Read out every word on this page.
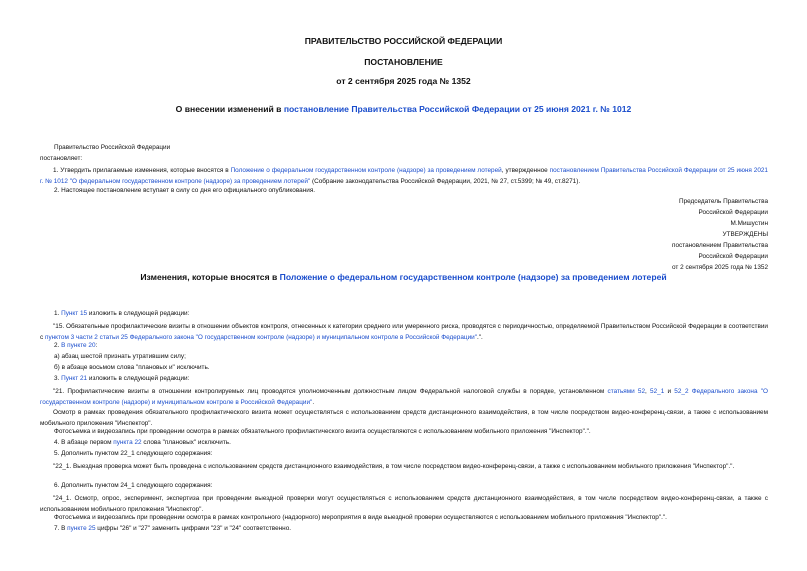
ПРАВИТЕЛЬСТВО РОССИЙСКОЙ ФЕДЕРАЦИИ
ПОСТАНОВЛЕНИЕ
от 2 сентября 2025 года № 1352
О внесении изменений в постановление Правительства Российской Федерации от 25 июня 2021 г. № 1012
Правительство Российской Федерации
постановляет:
1. Утвердить прилагаемые изменения, которые вносятся в Положение о федеральном государственном контроле (надзоре) за проведением лотерей, утвержденное постановлением Правительства Российской Федерации от 25 июня 2021 г. № 1012 "О федеральном государственном контроле (надзоре) за проведением лотерей" (Собрание законодательства Российской Федерации, 2021, № 27, ст.5399; № 49, ст.8271).
2. Настоящее постановление вступает в силу со дня его официального опубликования.
Председатель Правительства
Российской Федерации
М.Мишустин
УТВЕРЖДЕНЫ
постановлением Правительства
Российской Федерации
от 2 сентября 2025 года № 1352
Изменения, которые вносятся в Положение о федеральном государственном контроле (надзоре) за проведением лотерей
1. Пункт 15 изложить в следующей редакции:
"15. Обязательные профилактические визиты в отношении объектов контроля, отнесенных к категории среднего или умеренного риска, проводятся с периодичностью, определяемой Правительством Российской Федерации в соответствии с пунктом 3 части 2 статьи 25 Федерального закона "О государственном контроле (надзоре) и муниципальном контроле в Российской Федерации".".
2. В пункте 20:
а) абзац шестой признать утратившим силу;
б) в абзаце восьмом слова "плановых и" исключить.
3. Пункт 21 изложить в следующей редакции:
"21. Профилактические визиты в отношении контролируемых лиц проводятся уполномоченным должностным лицом Федеральной налоговой службы в порядке, установленном статьями 52, 52_1 и 52_2 Федерального закона "О государственном контроле (надзоре) и муниципальном контроле в Российской Федерации".
Осмотр в рамках проведения обязательного профилактического визита может осуществляться с использованием средств дистанционного взаимодействия, в том числе посредством видео-конференц-связи, а также с использованием мобильного приложения "Инспектор".
Фотосъемка и видеозапись при проведении осмотра в рамках обязательного профилактического визита осуществляются с использованием мобильного приложения "Инспектор".".
4. В абзаце первом пункта 22 слова "плановых" исключить.
5. Дополнить пунктом 22_1 следующего содержания:
"22_1. Выездная проверка может быть проведена с использованием средств дистанционного взаимодействия, в том числе посредством видео-конференц-связи, а также с использованием мобильного приложения "Инспектор".".
6. Дополнить пунктом 24_1 следующего содержания:
"24_1. Осмотр, опрос, эксперимент, экспертиза при проведении выездной проверки могут осуществляться с использованием средств дистанционного взаимодействия, в том числе посредством видео-конференц-связи, а также с использованием мобильного приложения "Инспектор".
Фотосъемка и видеозапись при проведении осмотра в рамках контрольного (надзорного) мероприятия в виде выездной проверки осуществляются с использованием мобильного приложения "Инспектор".".
7. В пункте 25 цифры "26" и "27" заменить цифрами "23" и "24" соответственно.
